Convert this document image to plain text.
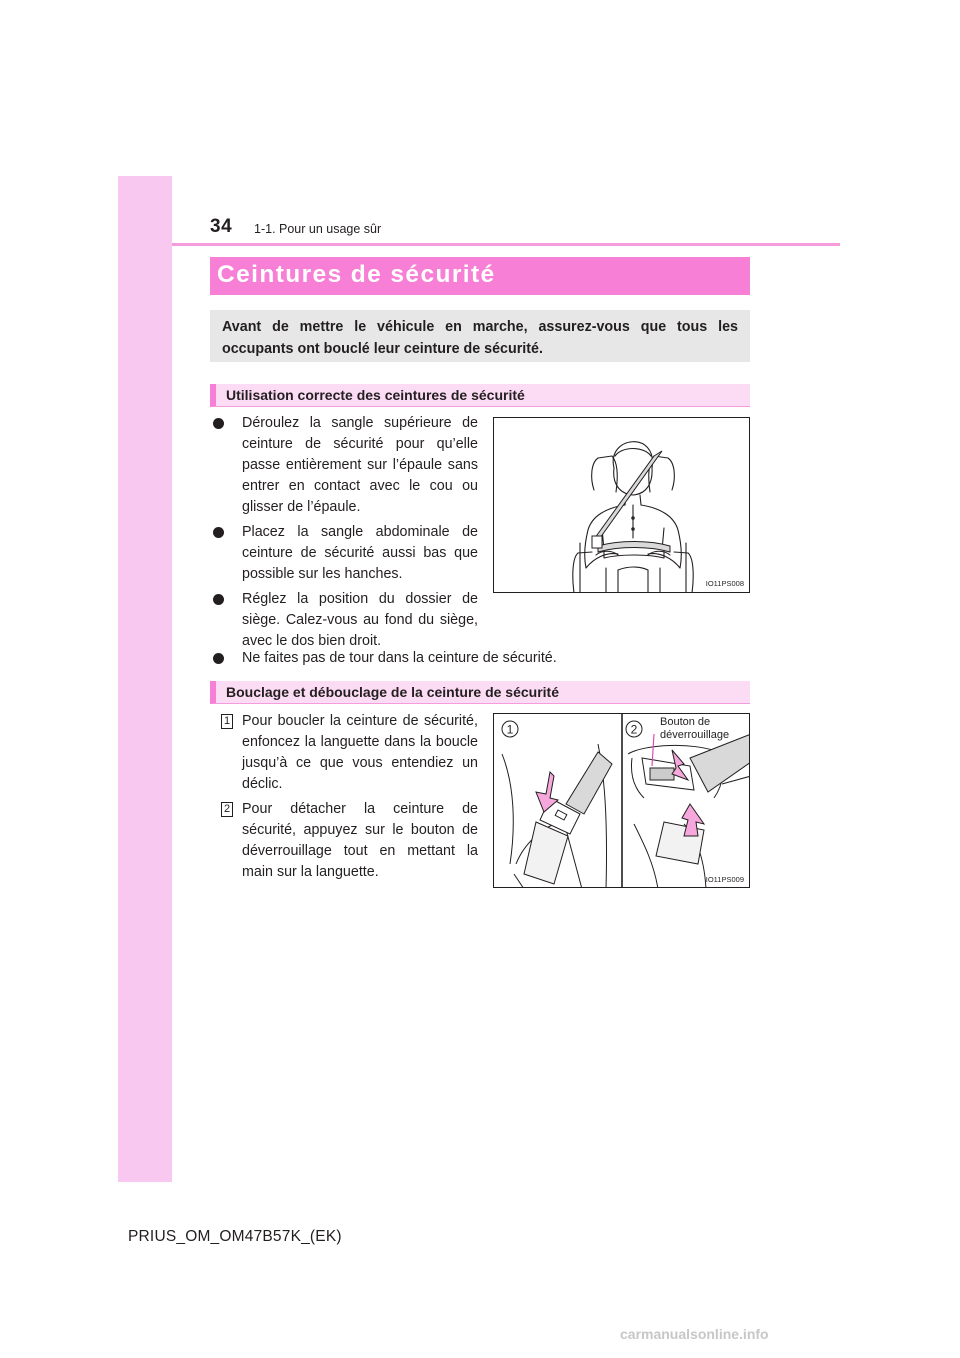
34 1-1. Pour un usage sûr
Ceintures de sécurité
Avant de mettre le véhicule en marche, assurez-vous que tous les occupants ont bouclé leur ceinture de sécurité.
Utilisation correcte des ceintures de sécurité
Déroulez la sangle supérieure de ceinture de sécurité pour qu’elle passe entièrement sur l’épaule sans entrer en contact avec le cou ou glisser de l’épaule.
Placez la sangle abdominale de ceinture de sécurité aussi bas que possible sur les hanches.
Réglez la position du dossier de siège. Calez-vous au fond du siège, avec le dos bien droit.
Ne faites pas de tour dans la ceinture de sécurité.
IO11PS008
Bouclage et débouclage de la ceinture de sécurité
1 Pour boucler la ceinture de sécurité, enfoncez la languette dans la boucle jusqu’à ce que vous entendiez un déclic.
2 Pour détacher la ceinture de sécurité, appuyez sur le bouton de déverrouillage tout en mettant la main sur la languette.
1	2
Bouton de
déverrouillage
IO11PS009
PRIUS_OM_OM47B57K_(EK)
carmanualsonline.info
